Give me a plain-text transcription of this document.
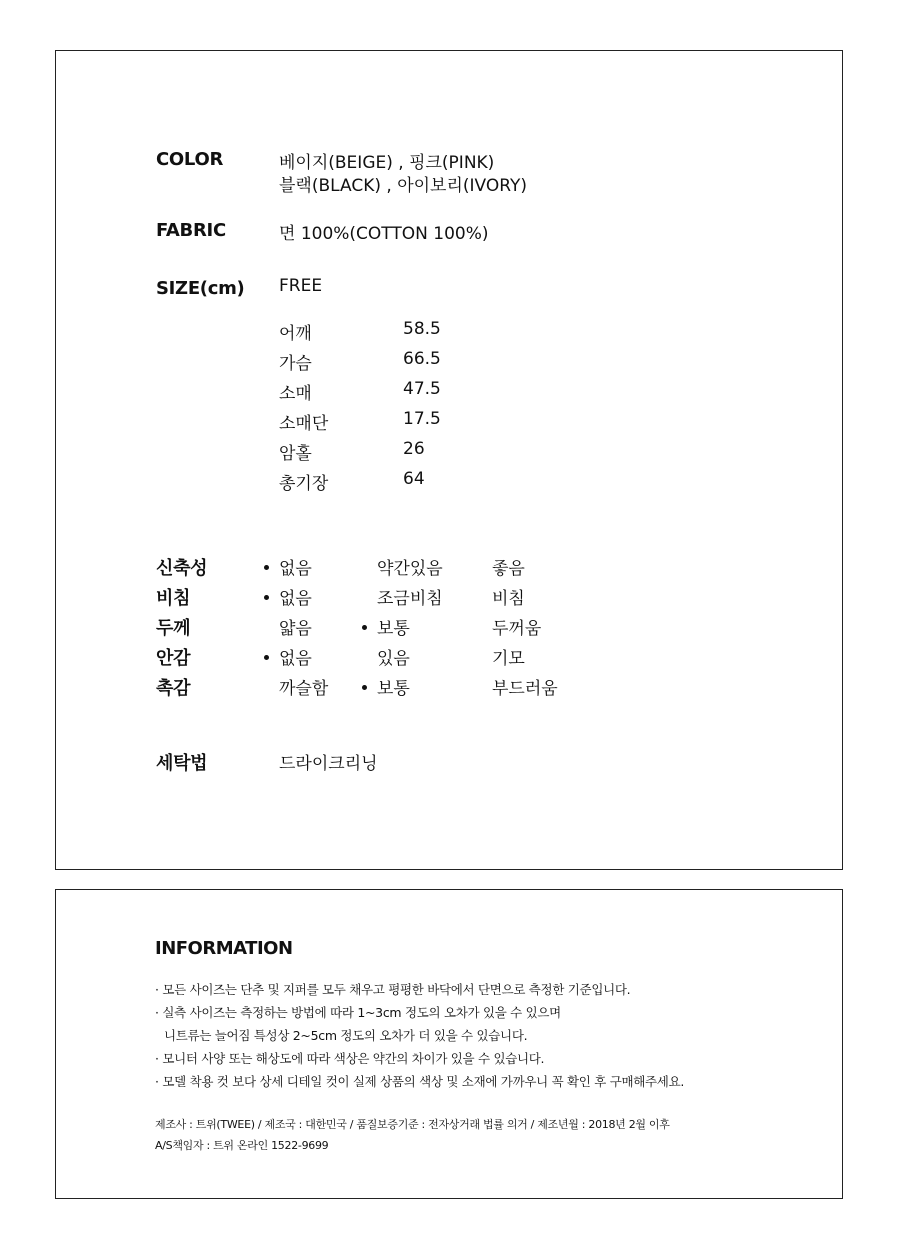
COLOR	베이지(BEIGE) , 핑크(PINK)
블랙(BLACK) , 아이보리(IVORY)
FABRIC	면 100%(COTTON 100%)
SIZE(cm) FREE
어깨	58.5
가슴	66.5
소매	47.5
소매단	17.5
암홀	26
총기장	64
신축성	없음	약간있음	좋음
비침	없음	조금비침	비침
두께	얇음	보통	두꺼움
안감	없음	있음	기모
촉감	까슬함	보통	부드러움
세탁법	드라이크리닝
INFORMATION
· 모든 사이즈는 단추 및 지퍼를 모두 채우고 평평한 바닥에서 단면으로 측정한 기준입니다.
· 실측 사이즈는 측정하는 방법에 따라 1~3cm 정도의 오차가 있을 수 있으며
니트류는 늘어짐 특성상 2~5cm 정도의 오차가 더 있을 수 있습니다.
· 모니터 사양 또는 해상도에 따라 색상은 약간의 차이가 있을 수 있습니다.
· 모델 착용 컷 보다 상세 디테일 컷이 실제 상품의 색상 및 소재에 가까우니 꼭 확인 후 구매해주세요.
제조사 : 트위(TWEE) / 제조국 : 대한민국 / 품질보증기준 : 전자상거래 법률 의거 / 제조년월 : 2018년 2월 이후
A/S책임자 : 트위 온라인 1522-9699
